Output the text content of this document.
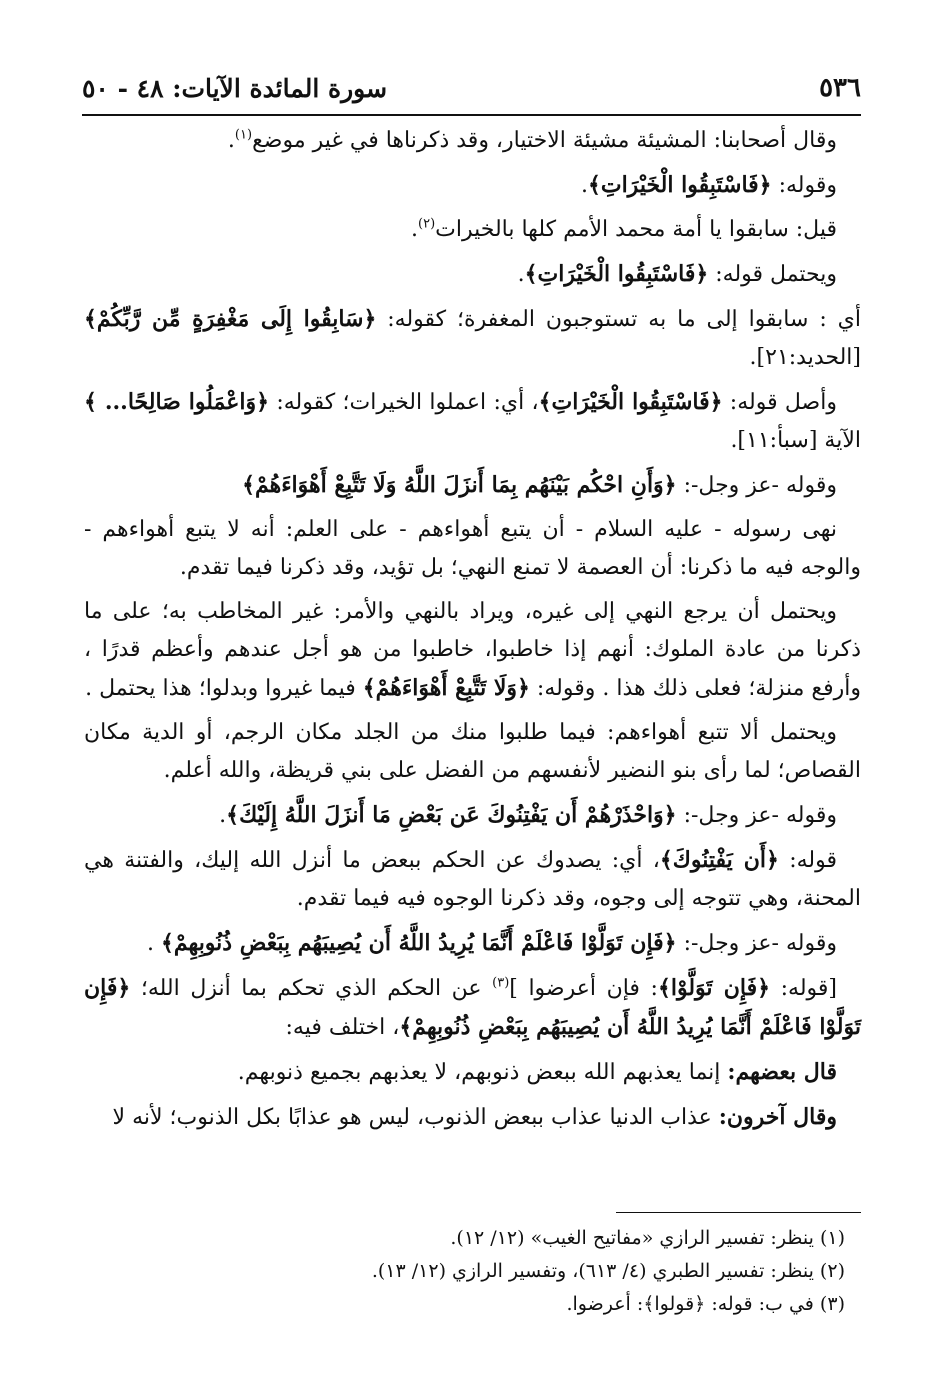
٥٣٦
سورة المائدة الآيات: ٤٨ - ٥٠

وقال أصحابنا: المشيئة مشيئة الاختيار، وقد ذكرناها في غير موضع$^{(١)}$.

وقوله: ﴿فَاسْتَبِقُوا الْخَيْرَاتِ﴾.

قيل: سابقوا يا أمة محمد الأمم كلها بالخيرات$^{(٢)}$.

ويحتمل قوله: ﴿فَاسْتَبِقُوا الْخَيْرَاتِ﴾.

أي : سابقوا إلى ما به تستوجبون المغفرة؛ كقوله: ﴿سَابِقُوا إِلَى مَغْفِرَةٍ مِّن رَّبِّكُمْ﴾ [الحديد:٢١].

وأصل قوله: ﴿فَاسْتَبِقُوا الْخَيْرَاتِ﴾، أي: اعملوا الخيرات؛ كقوله: ﴿وَاعْمَلُوا صَالِحًا... ﴾ الآية [سبأ:١١].

وقوله -عز وجل-: ﴿وَأَنِ احْكُم بَيْنَهُم بِمَا أَنزَلَ اللَّهُ وَلَا تَتَّبِعْ أَهْوَاءَهُمْ﴾

نهى رسوله - عليه السلام - أن يتبع أهواءهم - على العلم: أنه لا يتبع أهواءهم - والوجه فيه ما ذكرنا: أن العصمة لا تمنع النهي؛ بل تؤيد، وقد ذكرنا فيما تقدم.

ويحتمل أن يرجع النهي إلى غيره، ويراد بالنهي والأمر: غير المخاطب به؛ على ما ذكرنا من عادة الملوك: أنهم إذا خاطبوا، خاطبوا من هو أجل عندهم وأعظم قدرًا ، وأرفع منزلة؛ فعلى ذلك هذا . وقوله: ﴿وَلَا تَتَّبِعْ أَهْوَاءَهُمْ﴾ فيما غيروا وبدلوا؛ هذا يحتمل .

ويحتمل ألا تتبع أهواءهم: فيما طلبوا منك من الجلد مكان الرجم، أو الدية مكان القصاص؛ لما رأى بنو النضير لأنفسهم من الفضل على بني قريظة، والله أعلم.

وقوله -عز وجل-: ﴿وَاحْذَرْهُمْ أَن يَفْتِنُوكَ عَن بَعْضِ مَا أَنزَلَ اللَّهُ إِلَيْكَ﴾.

قوله: ﴿أَن يَفْتِنُوكَ﴾، أي: يصدوك عن الحكم ببعض ما أنزل الله إليك، والفتنة هي المحنة، وهي تتوجه إلى وجوه، وقد ذكرنا الوجوه فيه فيما تقدم.

وقوله -عز وجل-: ﴿فَإِن تَوَلَّوْا فَاعْلَمْ أَنَّمَا يُرِيدُ اللَّهُ أَن يُصِيبَهُم بِبَعْضِ ذُنُوبِهِمْ﴾ .

[قوله: ﴿فَإِن تَوَلَّوْا﴾: فإن أعرضوا ]$^{(٣)}$ عن الحكم الذي تحكم بما أنزل الله؛ ﴿فَإِن تَوَلَّوْا فَاعْلَمْ أَنَّمَا يُرِيدُ اللَّهُ أَن يُصِيبَهُم بِبَعْضِ ذُنُوبِهِمْ﴾، اختلف فيه:

قال بعضهم: إنما يعذبهم الله ببعض ذنوبهم، لا يعذبهم بجميع ذنوبهم.

وقال آخرون: عذاب الدنيا عذاب ببعض الذنوب، ليس هو عذابًا بكل الذنوب؛ لأنه لا

(١) ينظر: تفسير الرازي «مفاتيح الغيب» (١٢/ ١٢).
(٢) ينظر: تفسير الطبري (٤/ ٦١٣)، وتفسير الرازي (١٢/ ١٣).
(٣) في ب: قوله: ﴿قولوا﴾: أعرضوا.
